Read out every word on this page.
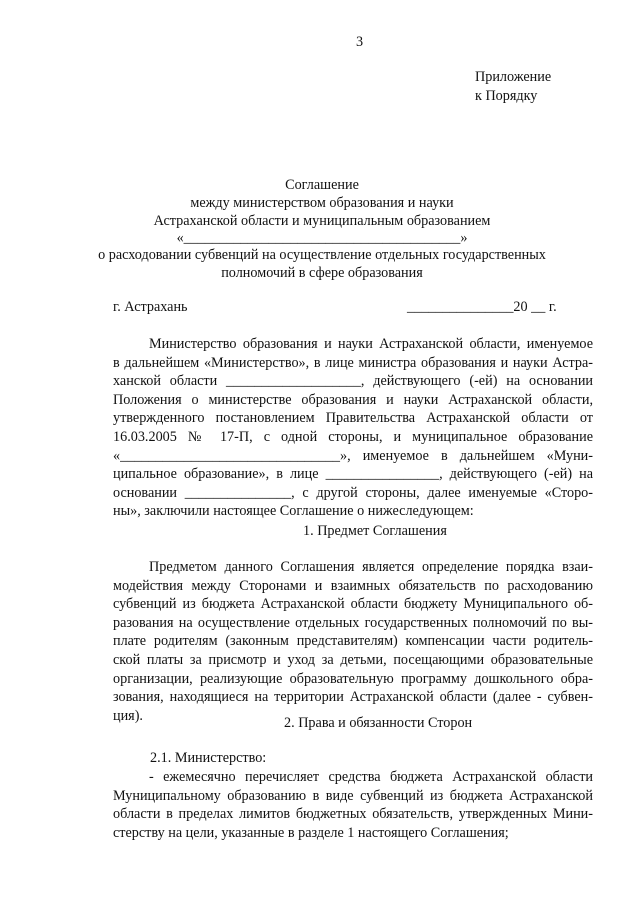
3
Приложение
к Порядку
Соглашение
между министерством образования и науки
Астраханской области и муниципальным образованием
«_______________________________________»
о расходовании субвенций на осуществление отдельных государственных
полномочий в сфере образования
г. Астрахань	_______________20 __ г.
Министерство образования и науки Астраханской области, именуемое
в дальнейшем «Министерство», в лице министра образования и науки Астра-
ханской области ___________________, действующего (-ей) на основании
Положения о министерстве образования и науки Астраханской области,
утвержденного постановлением Правительства Астраханской области от
16.03.2005 № 17-П, с одной стороны, и муниципальное образование
«_______________________________», именуемое в дальнейшем «Муни-
ципальное образование», в лице ________________, действующего (-ей) на
основании _______________, с другой стороны, далее именуемые «Сторо-
ны», заключили настоящее Соглашение о нижеследующем:
1. Предмет Соглашения
Предметом данного Соглашения является определение порядка взаи-
модействия между Сторонами и взаимных обязательств по расходованию
субвенций из бюджета Астраханской области бюджету Муниципального об-
разования на осуществление отдельных государственных полномочий по вы-
плате родителям (законным представителям) компенсации части родитель-
ской платы за присмотр и уход за детьми, посещающими образовательные
организации, реализующие образовательную программу дошкольного обра-
зования, находящиеся на территории Астраханской области (далее - субвен-
ция).	2. Права и обязанности Сторон
2.1. Министерство:
- ежемесячно перечисляет средства бюджета Астраханской области
Муниципальному образованию в виде субвенций из бюджета Астраханской
области в пределах лимитов бюджетных обязательств, утвержденных Мини-
стерству на цели, указанные в разделе 1 настоящего Соглашения;
